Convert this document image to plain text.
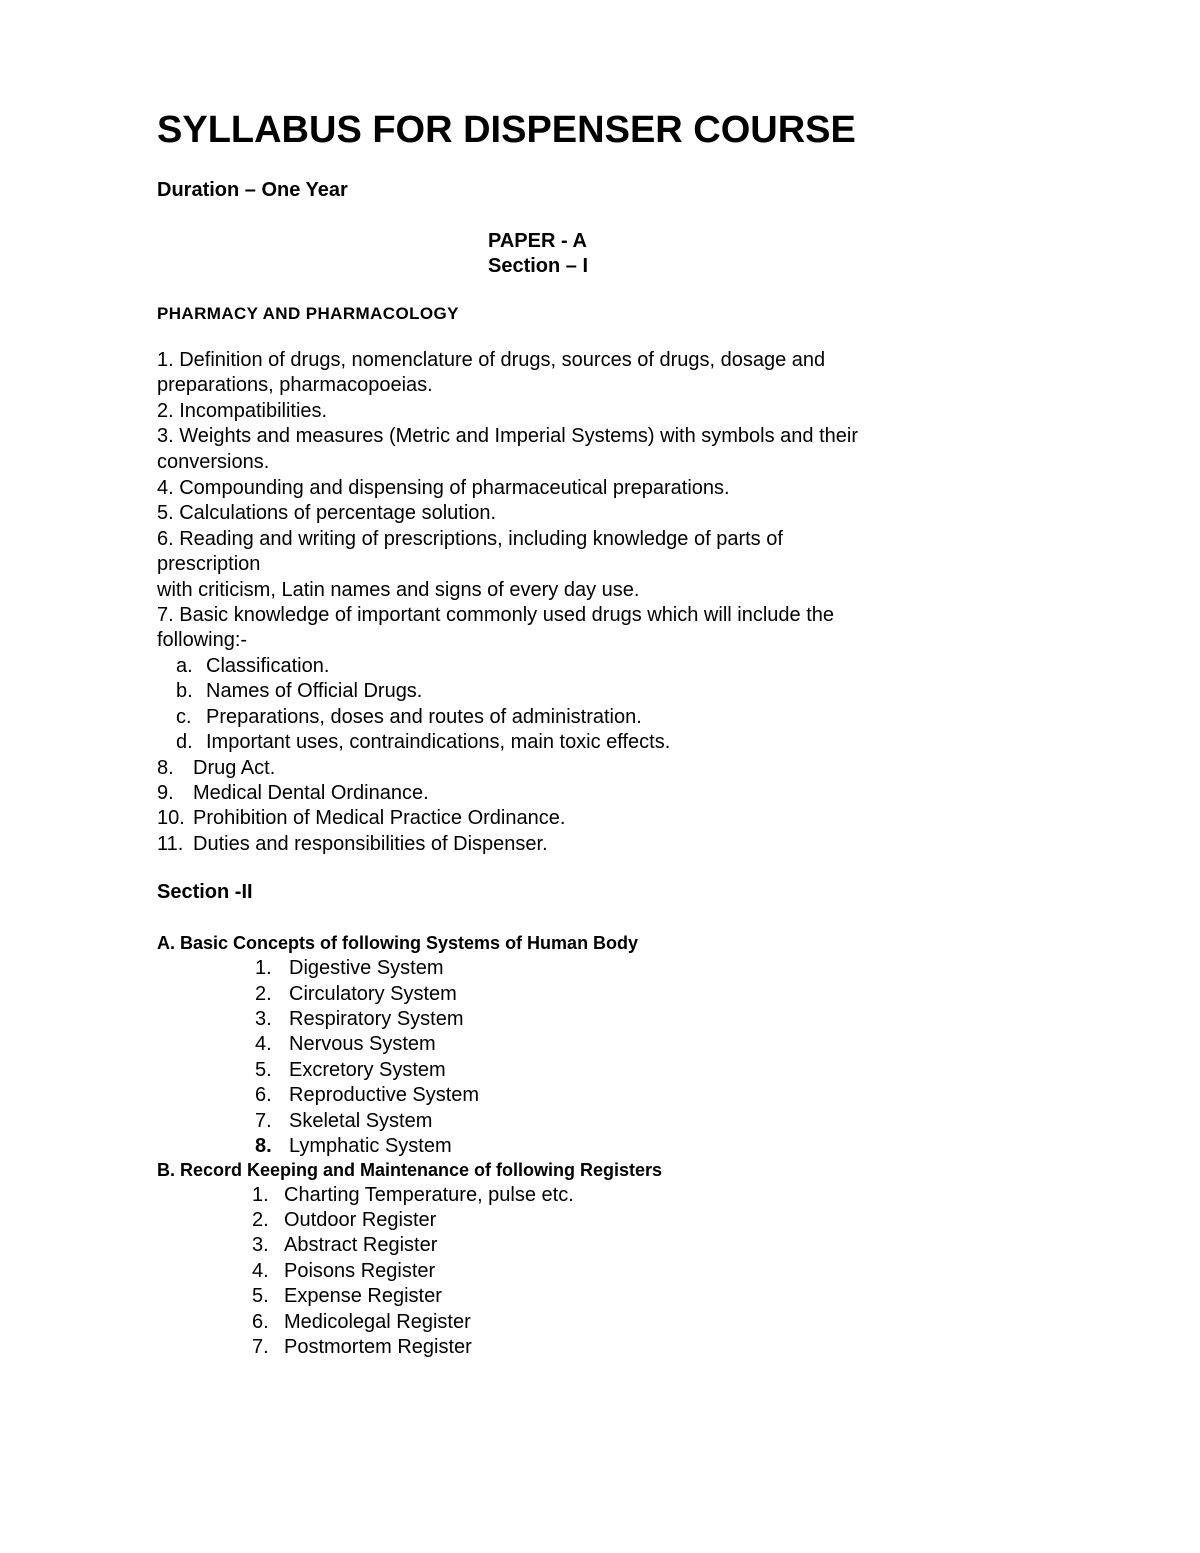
SYLLABUS FOR DISPENSER COURSE
Duration – One Year
PAPER - A
Section – I
PHARMACY AND PHARMACOLOGY
1. Definition of drugs, nomenclature of drugs, sources of drugs, dosage and
preparations, pharmacopoeias.
2. Incompatibilities.
3. Weights and measures (Metric and Imperial Systems) with symbols and their
conversions.
4. Compounding and dispensing of pharmaceutical preparations.
5. Calculations of percentage solution.
6. Reading and writing of prescriptions, including knowledge of parts of
prescription
with criticism, Latin names and signs of every day use.
7. Basic knowledge of important commonly used drugs which will include the
following:-
a. Classification.
b. Names of Official Drugs.
c. Preparations, doses and routes of administration.
d. Important uses, contraindications, main toxic effects.
8. Drug Act.
9. Medical Dental Ordinance.
10. Prohibition of Medical Practice Ordinance.
11. Duties and responsibilities of Dispenser.
Section -II
A. Basic Concepts of following Systems of Human Body
1. Digestive System
2. Circulatory System
3. Respiratory System
4. Nervous System
5. Excretory System
6. Reproductive System
7. Skeletal System
8. Lymphatic System
B. Record Keeping and Maintenance of following Registers
1. Charting Temperature, pulse etc.
2. Outdoor Register
3. Abstract Register
4. Poisons Register
5. Expense Register
6. Medicolegal Register
7. Postmortem Register
